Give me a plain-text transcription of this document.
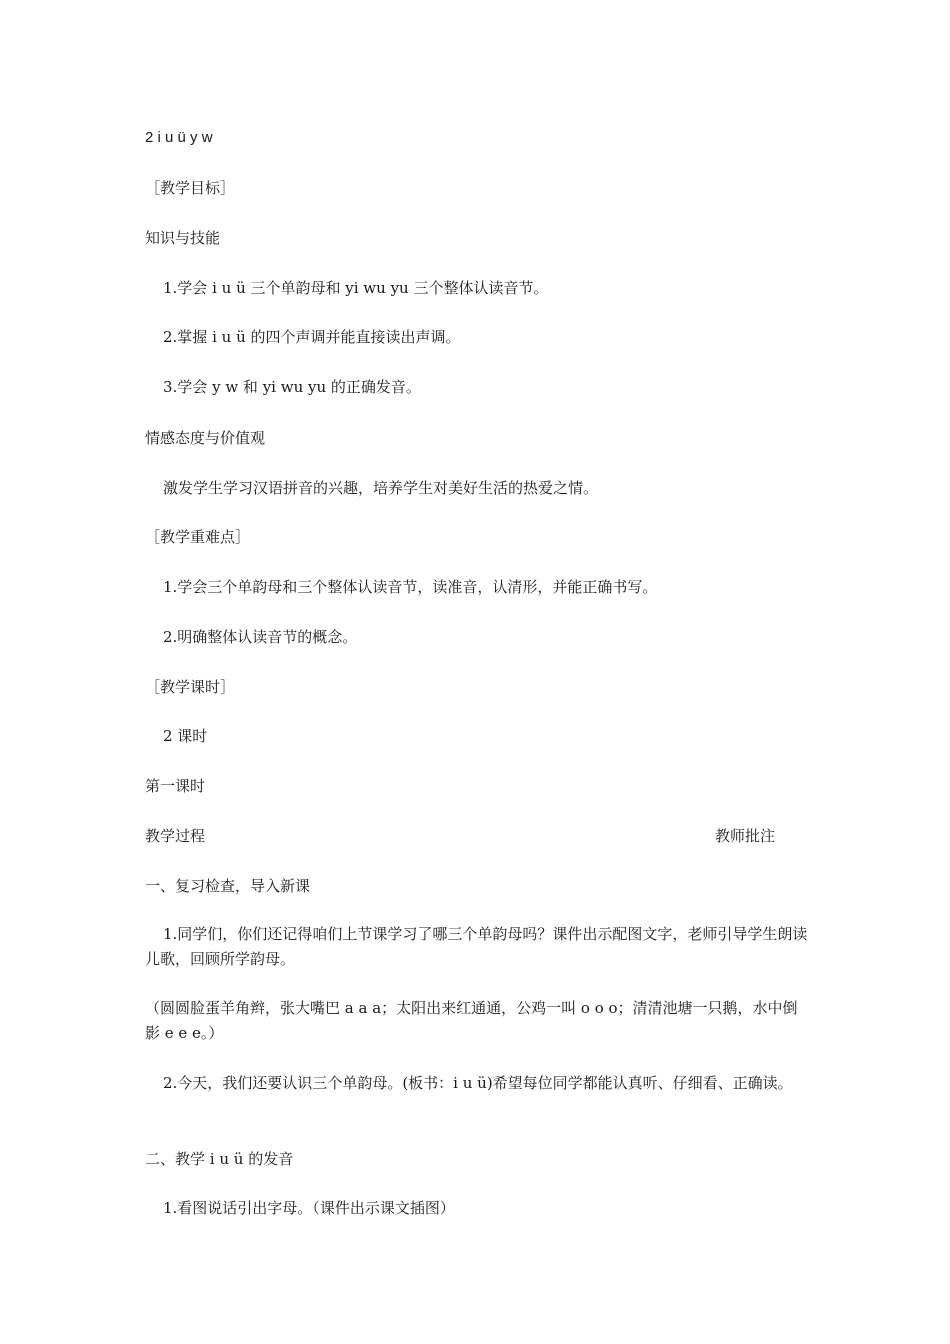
2 i u ü y w
［教学目标］
知识与技能
1.学会 i u ü 三个单韵母和 yi wu yu 三个整体认读音节。
2.掌握 i u ü 的四个声调并能直接读出声调。
3.学会 y w 和 yi wu yu 的正确发音。
情感态度与价值观
激发学生学习汉语拼音的兴趣，培养学生对美好生活的热爱之情。
［教学重难点］
1.学会三个单韵母和三个整体认读音节，读准音，认清形，并能正确书写。
2.明确整体认读音节的概念。
［教学课时］
2 课时
第一课时
教学过程	教师批注
一、复习检查，导入新课
1.同学们，你们还记得咱们上节课学习了哪三个单韵母吗？课件出示配图文字，老师引导学生朗读儿歌，回顾所学韵母。
（圆圆脸蛋羊角辫，张大嘴巴 a a a；太阳出来红通通，公鸡一叫 o o o；清清池塘一只鹅，水中倒影 e e e。）
2.今天，我们还要认识三个单韵母。(板书：i u ü)希望每位同学都能认真听、仔细看、正确读。
二、教学 i u ü 的发音
1.看图说话引出字母。（课件出示课文插图）
